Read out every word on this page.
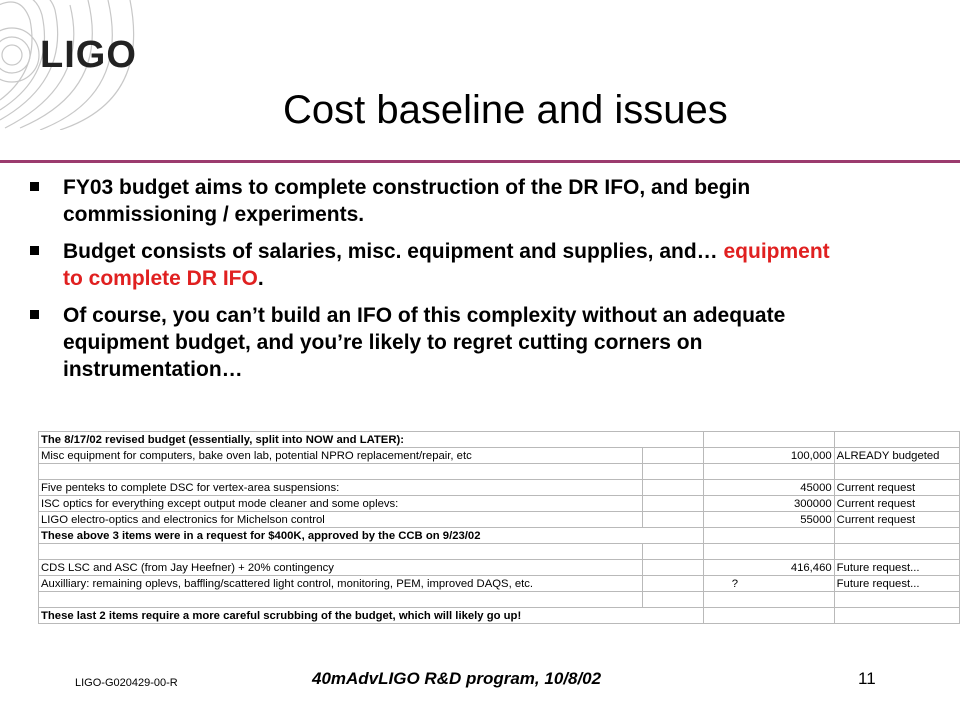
LIGO
Cost baseline and issues
FY03 budget aims to complete construction of the DR IFO, and begin commissioning / experiments.
Budget consists of salaries, misc. equipment and supplies, and… equipment to complete DR IFO.
Of course, you can’t build an IFO of this complexity without an adequate equipment budget, and you’re likely to regret cutting corners on instrumentation…
The 8/17/02 revised budget (essentially, split into NOW and LATER):			
Misc equipment for computers, bake oven lab, potential NPRO replacement/repair, etc		100,000	ALREADY budgeted

Five penteks to complete DSC for vertex-area suspensions:		45000	Current request
ISC optics for everything except output mode cleaner and some oplevs:		300000	Current request
LIGO electro-optics and electronics for Michelson control		55000	Current request
These above 3 items were in a request for $400K, approved by the CCB on 9/23/02			

CDS LSC and ASC (from Jay Heefner) + 20% contingency		416,460	Future request...
Auxilliary: remaining oplevs, baffling/scattered light control, monitoring, PEM, improved DAQS, etc.		?	Future request...

These last 2 items require a more careful scrubbing of the budget, which will likely go up!			
LIGO-G020429-00-R	40mAdvLIGO R&D program, 10/8/02	11
